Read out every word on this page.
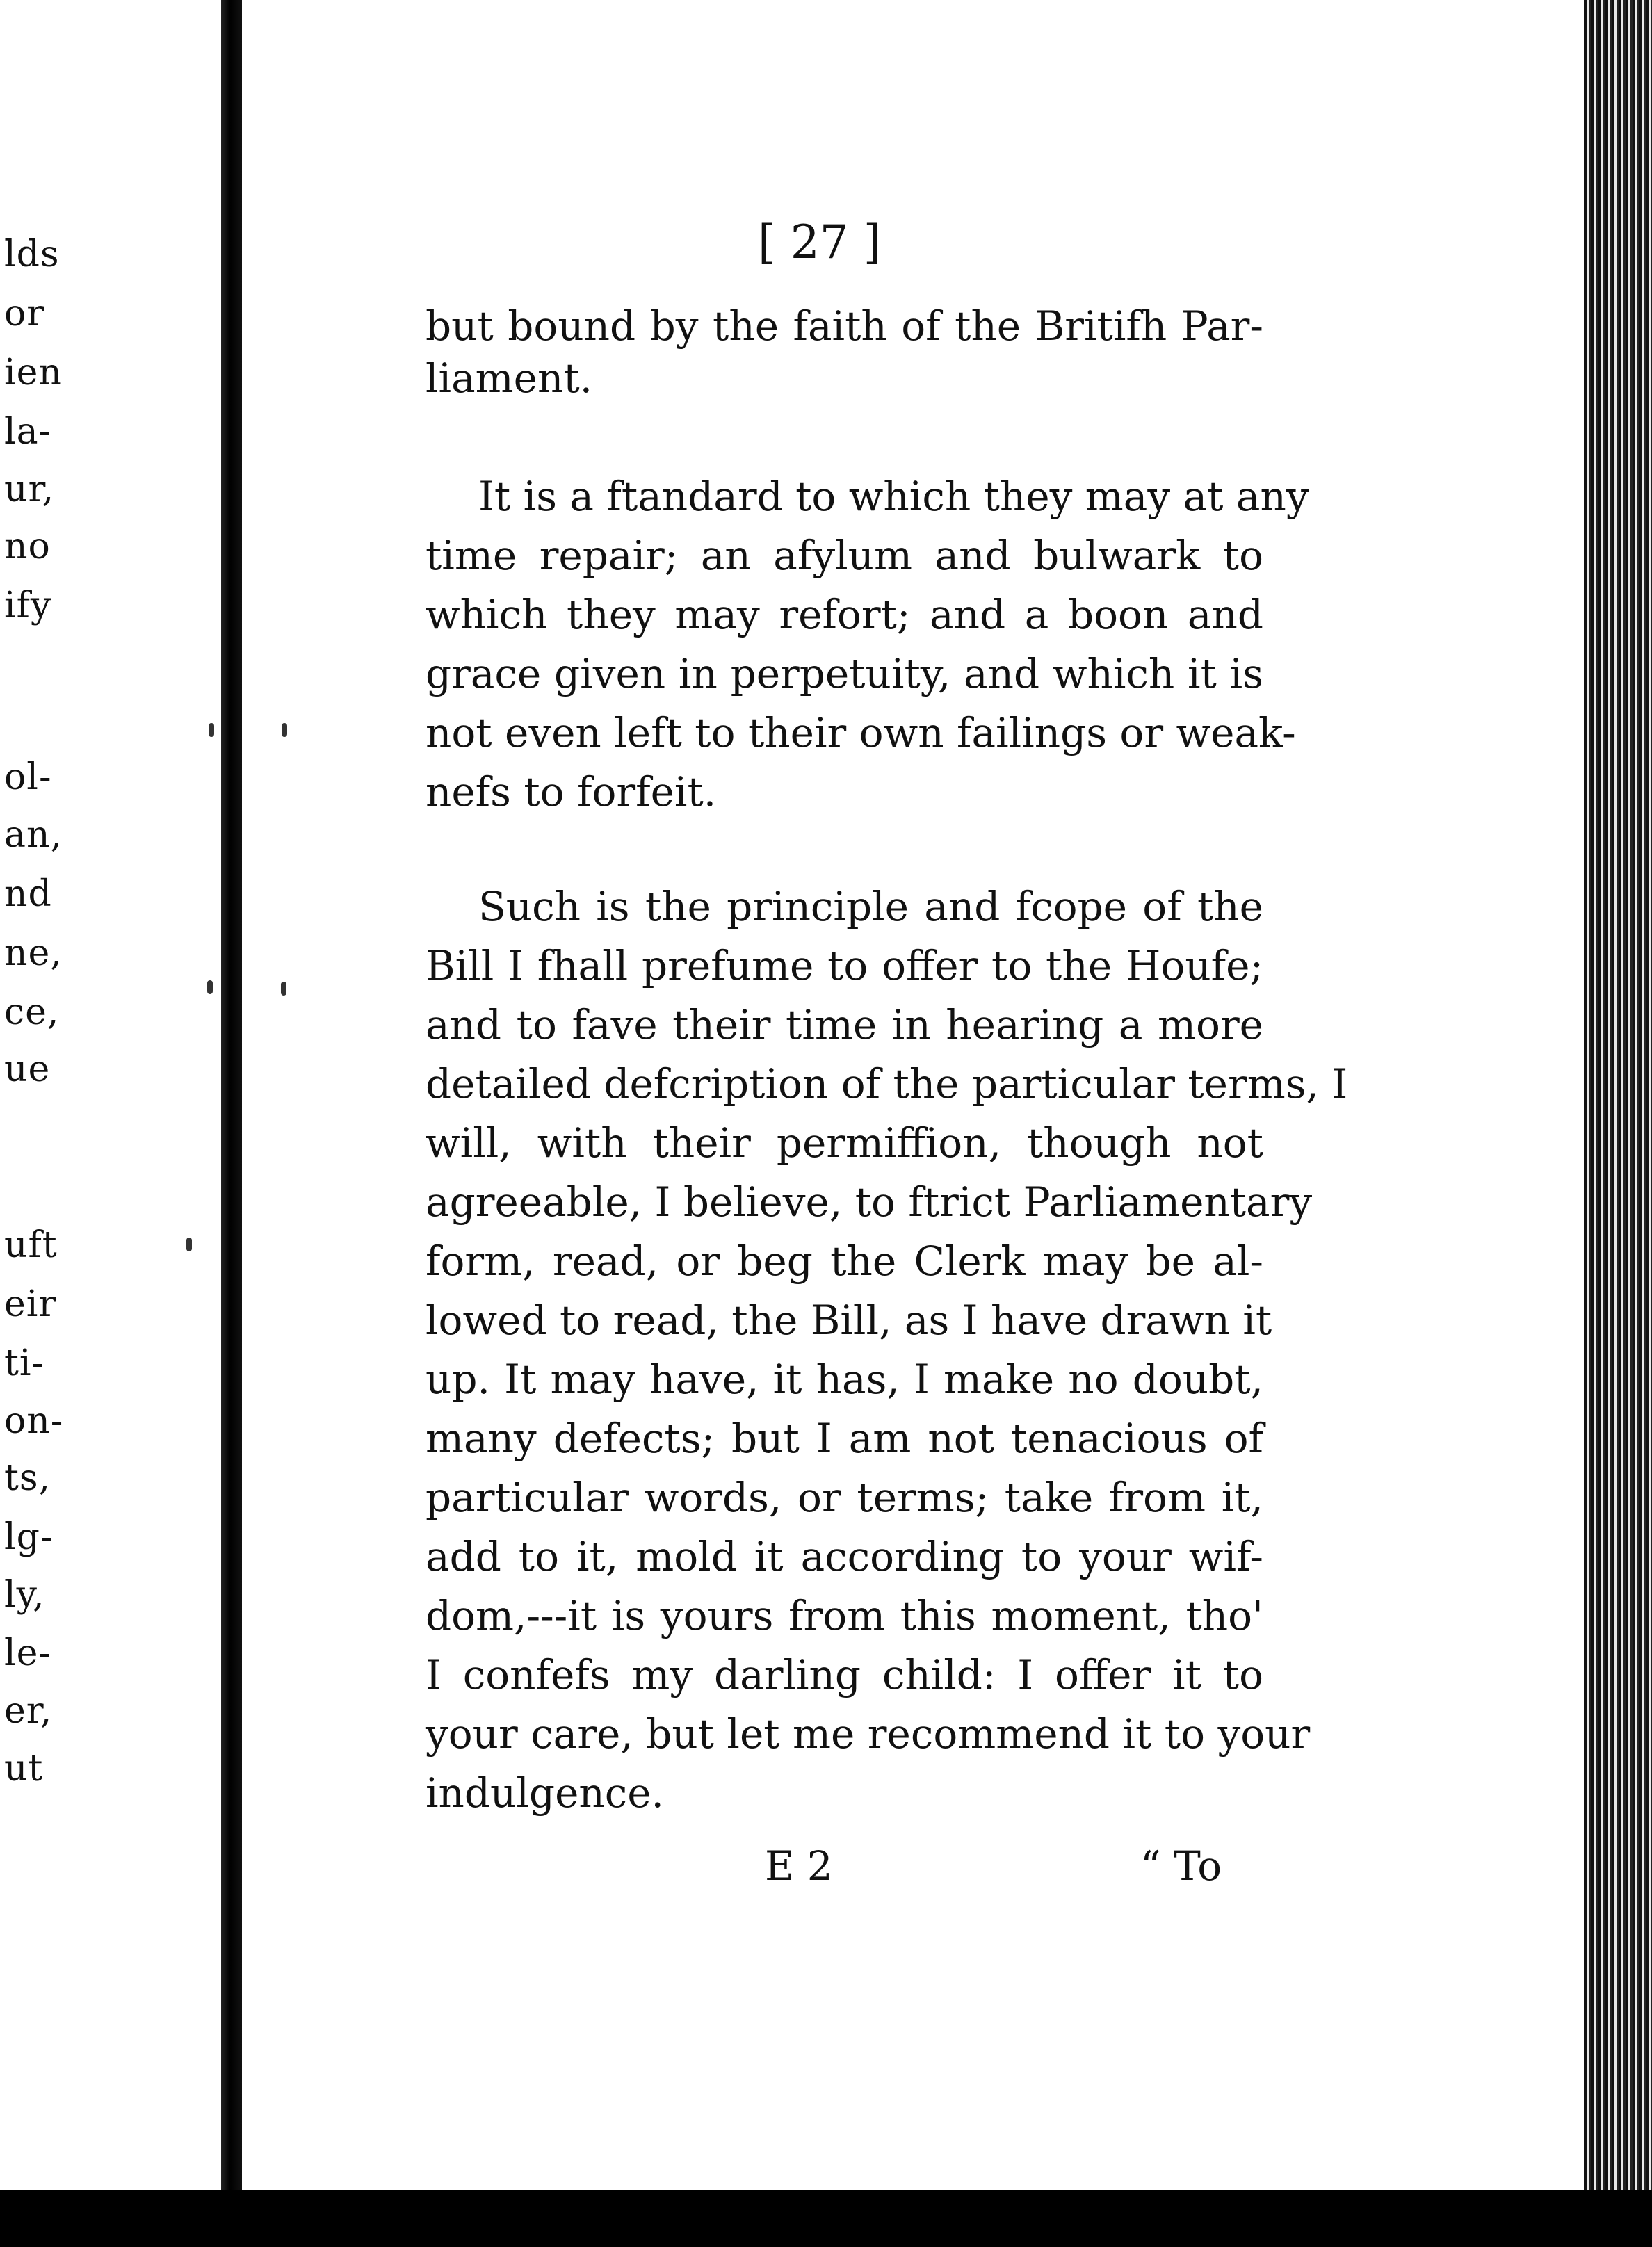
[ 27 ]
but bound by the faith of the Britifh Par-
liament.
It is a ftandard to which they may at any
time repair; an afylum and bulwark to
which they may refort; and a boon and
grace given in perpetuity, and which it is
not even left to their own failings or weak-
nefs to forfeit.
Such is the principle and fcope of the
Bill I fhall prefume to offer to the Houfe;
and to fave their time in hearing a more
detailed defcription of the particular terms, I
will, with their permiffion, though not
agreeable, I believe, to ftrict Parliamentary
form, read, or beg the Clerk may be al-
lowed to read, the Bill, as I have drawn it
up. It may have, it has, I make no doubt,
many defects; but I am not tenacious of
particular words, or terms; take from it,
add to it, mold it according to your wif-
dom,---it is yours from this moment, tho'
I confefs my darling child: I offer it to
your care, but let me recommend it to your
indulgence.
E 2	“ To
lds
or
ien
la-
ur,
no
ify
ol-
an,
nd
ne,
ce,
ue
uft
eir
ti-
on-
ts,
lg-
ly,
le-
er,
ut
